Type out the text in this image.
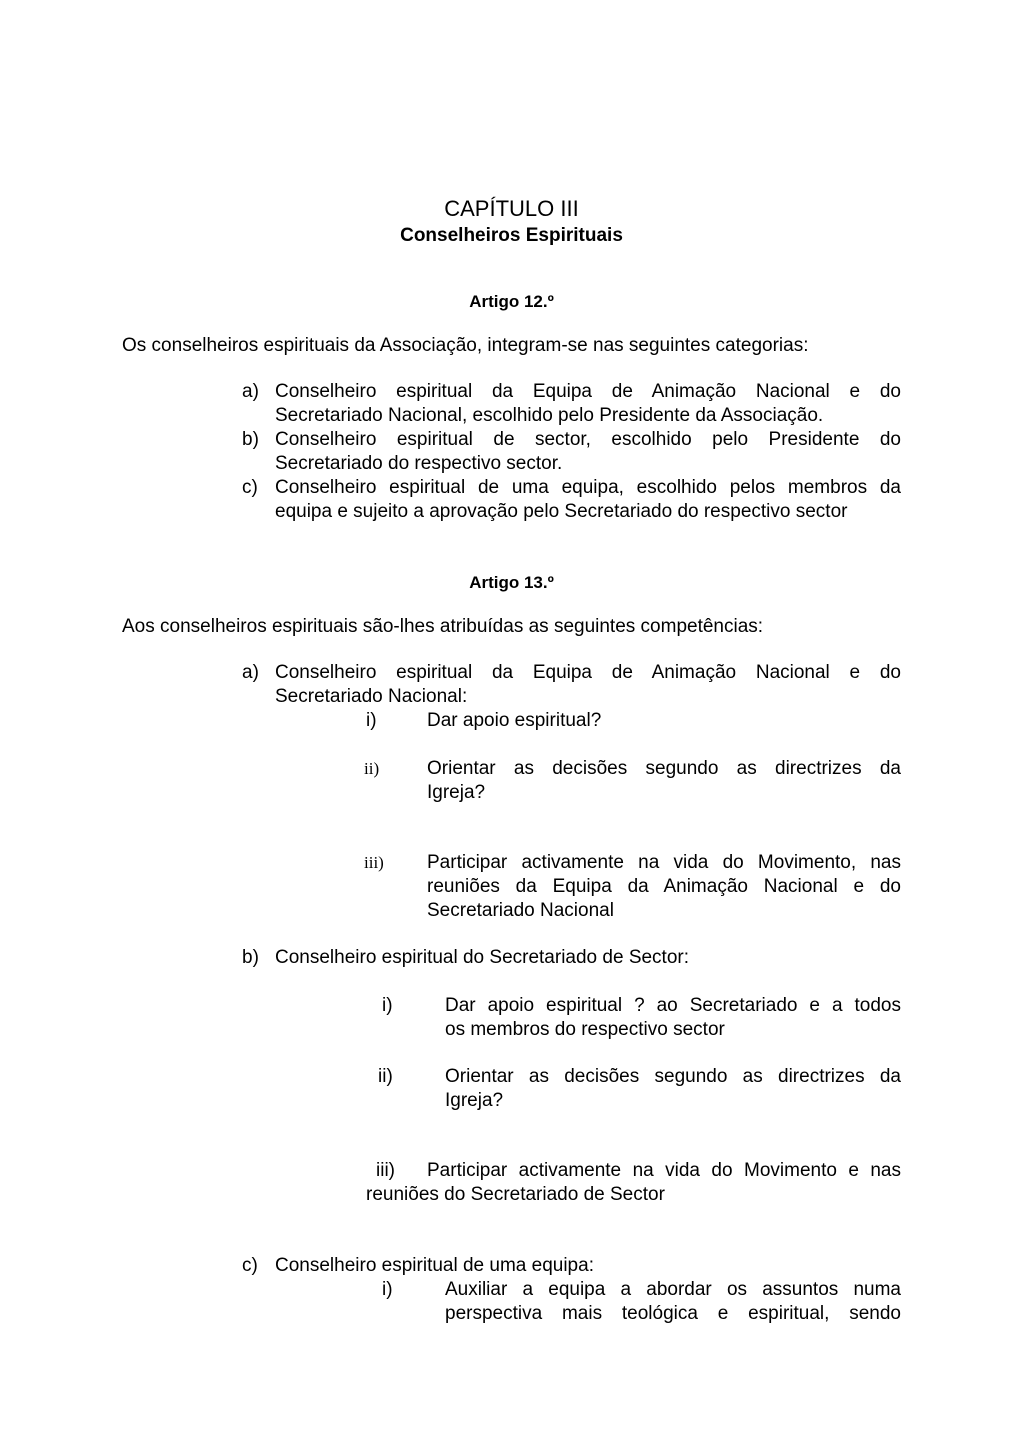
CAPÍTULO III
Conselheiros Espirituais
Artigo 12.º
Os conselheiros espirituais da Associação, integram-se nas seguintes categorias:
a) Conselheiro espiritual da Equipa de Animação Nacional e do
Secretariado Nacional, escolhido pelo Presidente da Associação.
b) Conselheiro espiritual de sector, escolhido pelo Presidente do
Secretariado do respectivo sector.
c) Conselheiro espiritual de uma equipa, escolhido pelos membros da
equipa e sujeito a aprovação pelo Secretariado do respectivo sector
Artigo 13.º
Aos conselheiros espirituais são-lhes atribuídas as seguintes competências:
a) Conselheiro espiritual da Equipa de Animação Nacional e do
Secretariado Nacional:
i)	Dar apoio espiritual?
ii)	Orientar as decisões segundo as directrizes da
Igreja?
iii) Participar activamente na vida do Movimento, nas
reuniões da Equipa da Animação Nacional e do
Secretariado Nacional
b) Conselheiro espiritual do Secretariado de Sector:
i)	Dar apoio espiritual ? ao Secretariado e a todos
os membros do respectivo sector
ii)	Orientar as decisões segundo as directrizes da
Igreja?
iii) Participar activamente na vida do Movimento e nas
reuniões do Secretariado de Sector
c) Conselheiro espiritual de uma equipa:
i)	Auxiliar a equipa a abordar os assuntos numa
perspectiva mais teológica e espiritual, sendo
